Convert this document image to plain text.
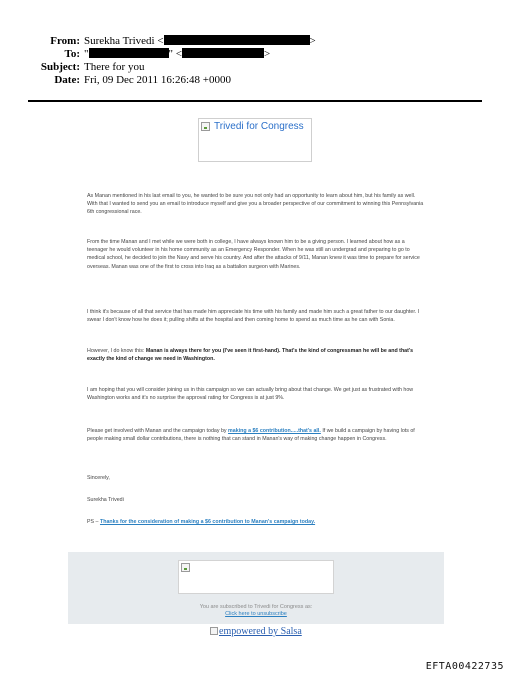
From: Surekha Trivedi <	>
To: "	" <	>
Subject: There for you
Date: Fri, 09 Dec 2011 16:26:48 +0000
Trivedi for Congress

As Manan mentioned in his last email to you, he wanted to be sure you not only had an opportunity to learn about him, but his family as well. With that I wanted to send you an email to introduce myself and give you a broader perspective of our commitment to winning this Pennsylvania 6th congressional race.

From the time Manan and I met while we were both in college, I have always known him to be a giving person. I learned about how as a teenager he would volunteer in his home community as an Emergency Responder. When he was still an undergrad and preparing to go to medical school, he decided to join the Navy and serve his country. And after the attacks of 9/11, Manan knew it was time to prepare for service overseas. Manan was one of the first to cross into Iraq as a battalion surgeon with Marines.

I think it's because of all that service that has made him appreciate his time with his family and made him such a great father to our daughter. I swear I don't know how he does it; pulling shifts at the hospital and then coming home to spend as much time as he can with Sonia.

However, I do know this: Manan is always there for you (I've seen it first-hand). That's the kind of congressman he will be and that's exactly the kind of change we need in Washington.

I am hoping that you will consider joining us in this campaign so we can actually bring about that change. We get just as frustrated with how Washington works and it's no surprise the approval rating for Congress is at just 9%.

Please get involved with Manan and the campaign today by making a $6 contribution.....that's all. If we build a campaign by having lots of people making small dollar contributions, there is nothing that can stand in Manan's way of making change happen in Congress.

Sincerely,

Surekha Trivedi

PS – Thanks for the consideration of making a $6 contribution to Manan's campaign today.

You are subscribed to Trivedi for Congress as:
Click here to unsubscribe
empowered by Salsa
EFTA00422735
